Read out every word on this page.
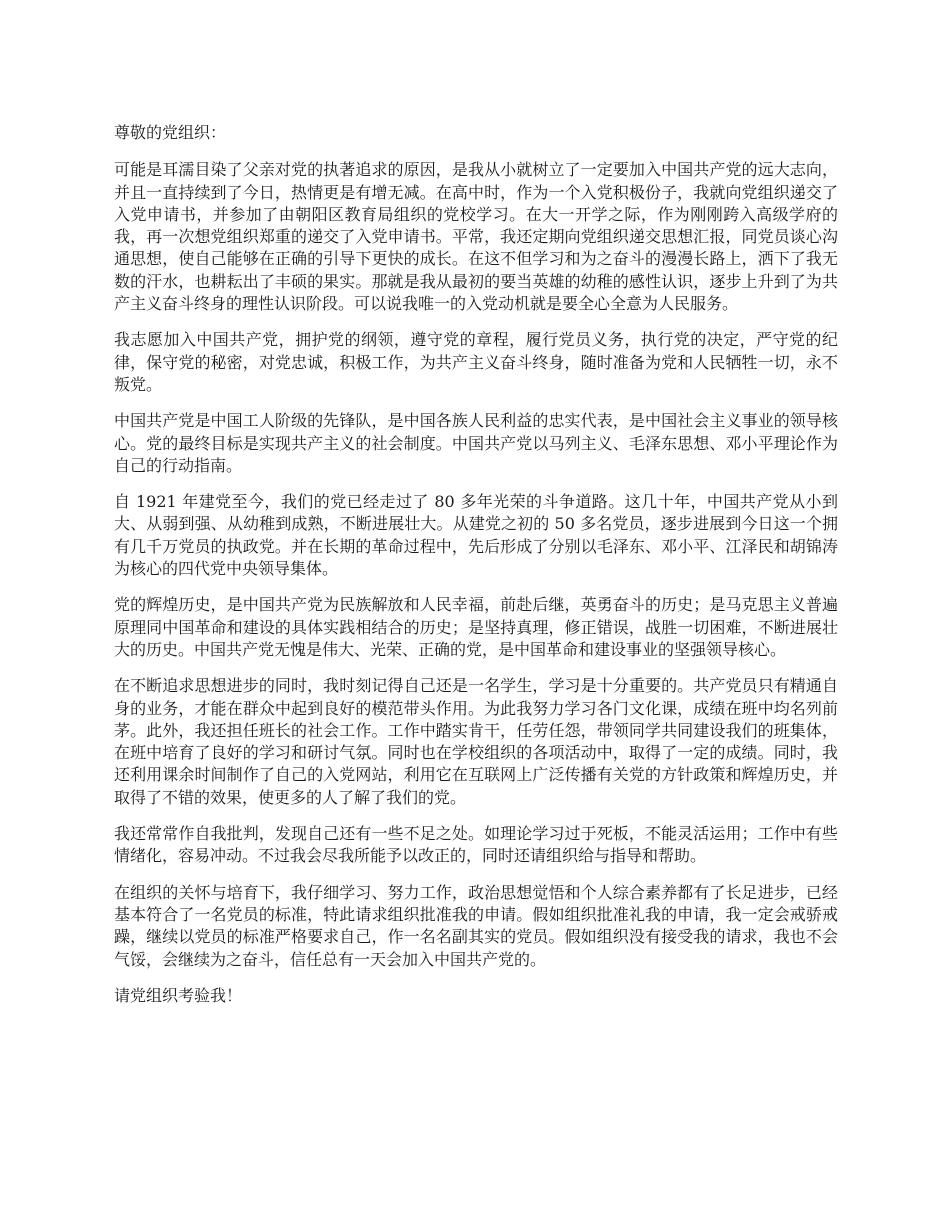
尊敬的党组织：

可能是耳濡目染了父亲对党的执著追求的原因，是我从小就树立了一定要加入中国共产党的远大志向，并且一直持续到了今日，热情更是有增无减。在高中时，作为一个入党积极份子，我就向党组织递交了入党申请书，并参加了由朝阳区教育局组织的党校学习。在大一开学之际，作为刚刚跨入高级学府的我，再一次想党组织郑重的递交了入党申请书。平常，我还定期向党组织递交思想汇报，同党员谈心沟通思想，使自己能够在正确的引导下更快的成长。在这不但学习和为之奋斗的漫漫长路上，洒下了我无数的汗水，也耕耘出了丰硕的果实。那就是我从最初的要当英雄的幼稚的感性认识，逐步上升到了为共产主义奋斗终身的理性认识阶段。可以说我唯一的入党动机就是要全心全意为人民服务。

我志愿加入中国共产党，拥护党的纲领，遵守党的章程，履行党员义务，执行党的决定，严守党的纪律，保守党的秘密，对党忠诚，积极工作，为共产主义奋斗终身，随时准备为党和人民牺牲一切，永不叛党。

中国共产党是中国工人阶级的先锋队，是中国各族人民利益的忠实代表，是中国社会主义事业的领导核心。党的最终目标是实现共产主义的社会制度。中国共产党以马列主义、毛泽东思想、邓小平理论作为自己的行动指南。

自 1921 年建党至今，我们的党已经走过了 80 多年光荣的斗争道路。这几十年，中国共产党从小到大、从弱到强、从幼稚到成熟，不断进展壮大。从建党之初的 50 多名党员，逐步进展到今日这一个拥有几千万党员的执政党。并在长期的革命过程中，先后形成了分别以毛泽东、邓小平、江泽民和胡锦涛为核心的四代党中央领导集体。

党的辉煌历史，是中国共产党为民族解放和人民幸福，前赴后继，英勇奋斗的历史；是马克思主义普遍原理同中国革命和建设的具体实践相结合的历史；是坚持真理，修正错误，战胜一切困难，不断进展壮大的历史。中国共产党无愧是伟大、光荣、正确的党，是中国革命和建设事业的坚强领导核心。

在不断追求思想进步的同时，我时刻记得自己还是一名学生，学习是十分重要的。共产党员只有精通自身的业务，才能在群众中起到良好的模范带头作用。为此我努力学习各门文化课，成绩在班中均名列前茅。此外，我还担任班长的社会工作。工作中踏实肯干，任劳任怨，带领同学共同建设我们的班集体，在班中培育了良好的学习和研讨气氛。同时也在学校组织的各项活动中，取得了一定的成绩。同时，我还利用课余时间制作了自己的入党网站，利用它在互联网上广泛传播有关党的方针政策和辉煌历史，并取得了不错的效果，使更多的人了解了我们的党。

我还常常作自我批判，发现自己还有一些不足之处。如理论学习过于死板，不能灵活运用；工作中有些情绪化，容易冲动。不过我会尽我所能予以改正的，同时还请组织给与指导和帮助。

在组织的关怀与培育下，我仔细学习、努力工作，政治思想觉悟和个人综合素养都有了长足进步，已经基本符合了一名党员的标准，特此请求组织批准我的申请。假如组织批准礼我的申请，我一定会戒骄戒躁，继续以党员的标准严格要求自己，作一名名副其实的党员。假如组织没有接受我的请求，我也不会气馁，会继续为之奋斗，信任总有一天会加入中国共产党的。

请党组织考验我！
